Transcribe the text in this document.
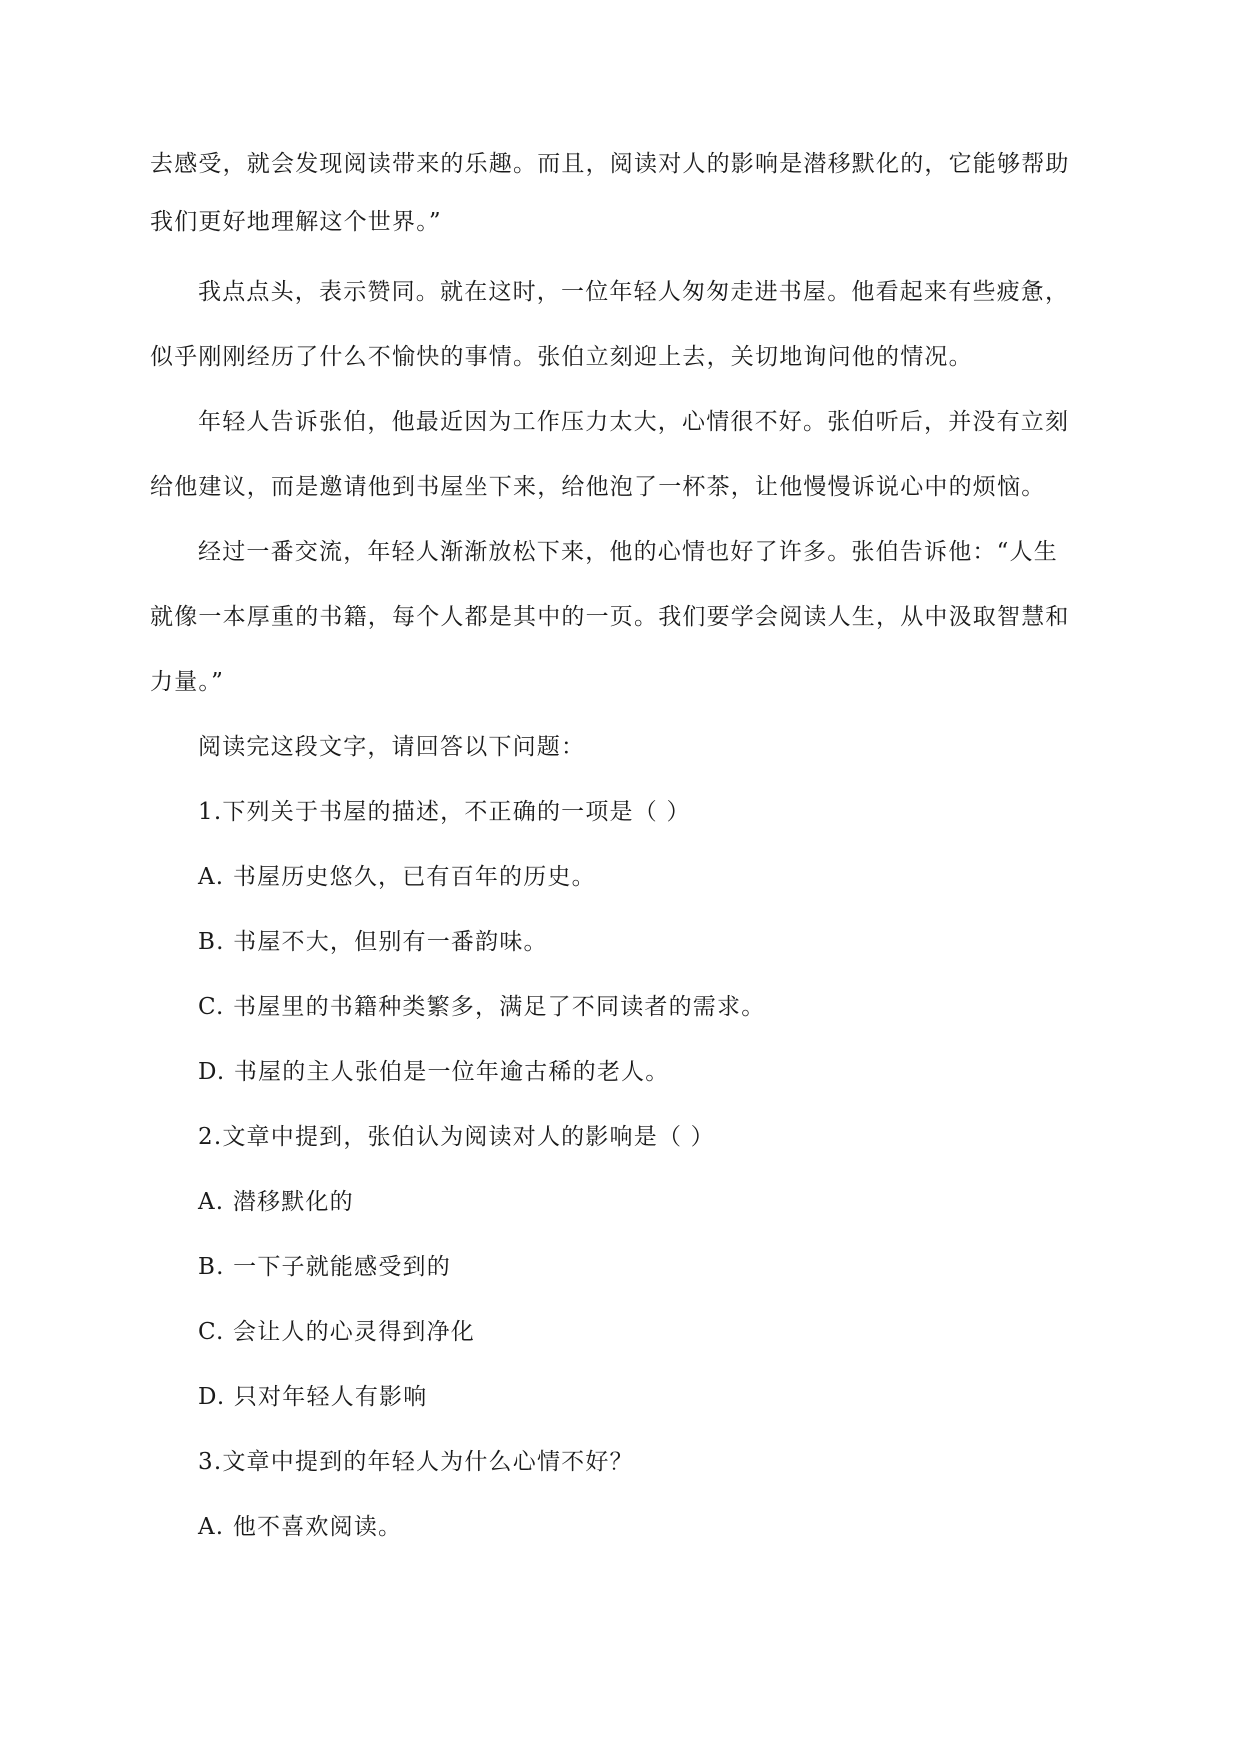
去感受，就会发现阅读带来的乐趣。而且，阅读对人的影响是潜移默化的，它能够帮助
我们更好地理解这个世界。”
我点点头，表示赞同。就在这时，一位年轻人匆匆走进书屋。他看起来有些疲惫，
似乎刚刚经历了什么不愉快的事情。张伯立刻迎上去，关切地询问他的情况。
年轻人告诉张伯，他最近因为工作压力太大，心情很不好。张伯听后，并没有立刻
给他建议，而是邀请他到书屋坐下来，给他泡了一杯茶，让他慢慢诉说心中的烦恼。
经过一番交流，年轻人渐渐放松下来，他的心情也好了许多。张伯告诉他：“人生
就像一本厚重的书籍，每个人都是其中的一页。我们要学会阅读人生，从中汲取智慧和
力量。”
阅读完这段文字，请回答以下问题：
1.下列关于书屋的描述，不正确的一项是（ ）
A. 书屋历史悠久，已有百年的历史。
B. 书屋不大，但别有一番韵味。
C. 书屋里的书籍种类繁多，满足了不同读者的需求。
D. 书屋的主人张伯是一位年逾古稀的老人。
2.文章中提到，张伯认为阅读对人的影响是（ ）
A. 潜移默化的
B. 一下子就能感受到的
C. 会让人的心灵得到净化
D. 只对年轻人有影响
3.文章中提到的年轻人为什么心情不好？
A. 他不喜欢阅读。
